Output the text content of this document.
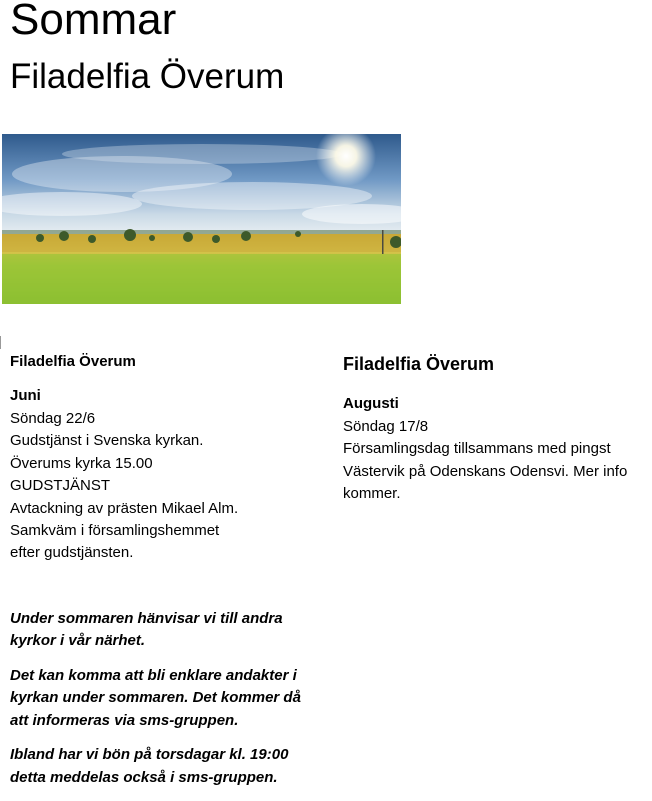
Sommar
Filadelfia Överum

Filadelfia Överum

Juni

Söndag 22/6

Gudstjänst i Svenska kyrkan.

Överums kyrka 15.00

GUDSTJÄNST

Avtackning av prästen Mikael Alm.

Samkväm i församlingshemmet

efter gudstjänsten.

Under sommaren hänvisar vi till andra kyrkor i vår närhet.

Det kan komma att bli enklare andakter i kyrkan under sommaren. Det kommer då att informeras via sms-gruppen.

Ibland har vi bön på torsdagar kl. 19:00 detta meddelas också i sms-gruppen.

Filadelfia Överum

Augusti

Söndag 17/8

Församlingsdag tillsammans med pingst Västervik på Odenskans Odensvi. Mer info kommer.
